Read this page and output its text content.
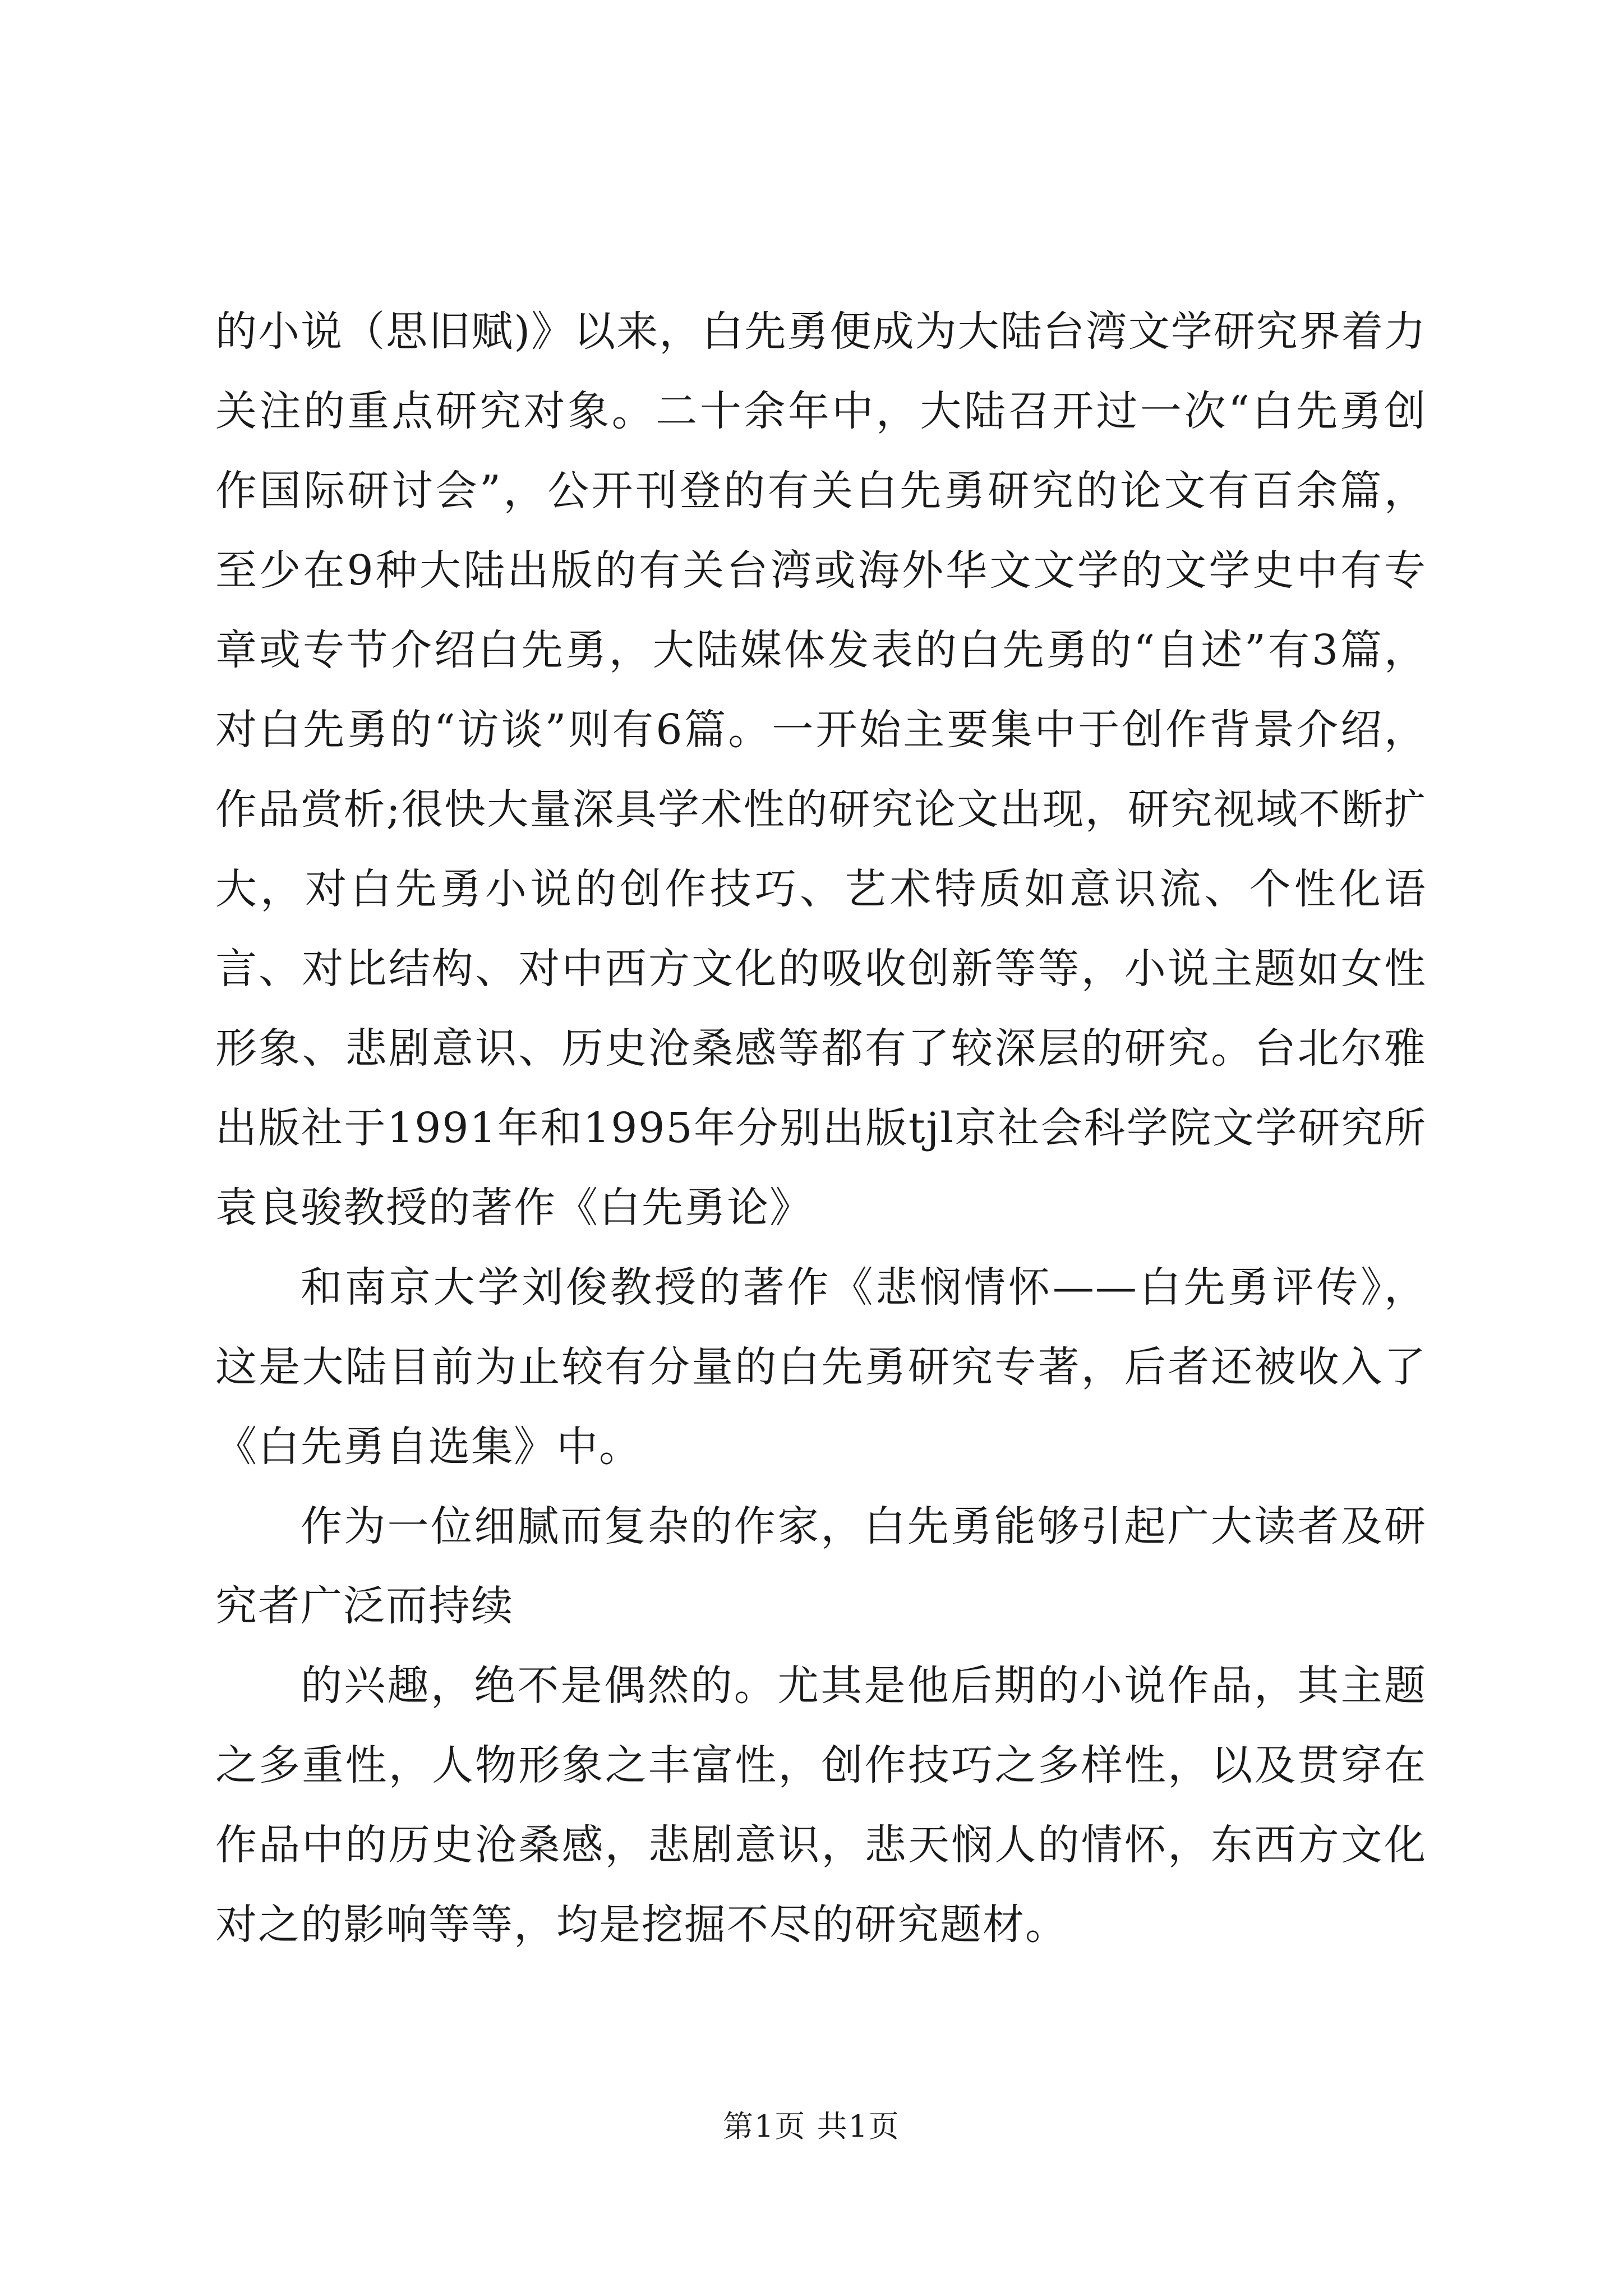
的小说（思旧赋)》以来，白先勇便成为大陆台湾文学研究界着力关注的重点研究对象。二十余年中，大陆召开过一次“白先勇创作国际研讨会”，公开刊登的有关白先勇研究的论文有百余篇，至少在9种大陆出版的有关台湾或海外华文文学的文学史中有专章或专节介绍白先勇，大陆媒体发表的白先勇的“自述”有3篇，对白先勇的“访谈”则有6篇。一开始主要集中于创作背景介绍，作品赏析;很快大量深具学术性的研究论文出现，研究视域不断扩大，对白先勇小说的创作技巧、艺术特质如意识流、个性化语言、对比结构、对中西方文化的吸收创新等等，小说主题如女性形象、悲剧意识、历史沧桑感等都有了较深层的研究。台北尔雅出版社于1991年和1995年分别出版tjl京社会科学院文学研究所袁良骏教授的著作《白先勇论》

和南京大学刘俊教授的著作《悲悯情怀——白先勇评传》，这是大陆目前为止较有分量的白先勇研究专著，后者还被收入了《白先勇自选集》中。

作为一位细腻而复杂的作家，白先勇能够引起广大读者及研究者广泛而持续

的兴趣，绝不是偶然的。尤其是他后期的小说作品，其主题之多重性，人物形象之丰富性，创作技巧之多样性，以及贯穿在作品中的历史沧桑感，悲剧意识，悲天悯人的情怀，东西方文化对之的影响等等，均是挖掘不尽的研究题材。

第1页 共1页
